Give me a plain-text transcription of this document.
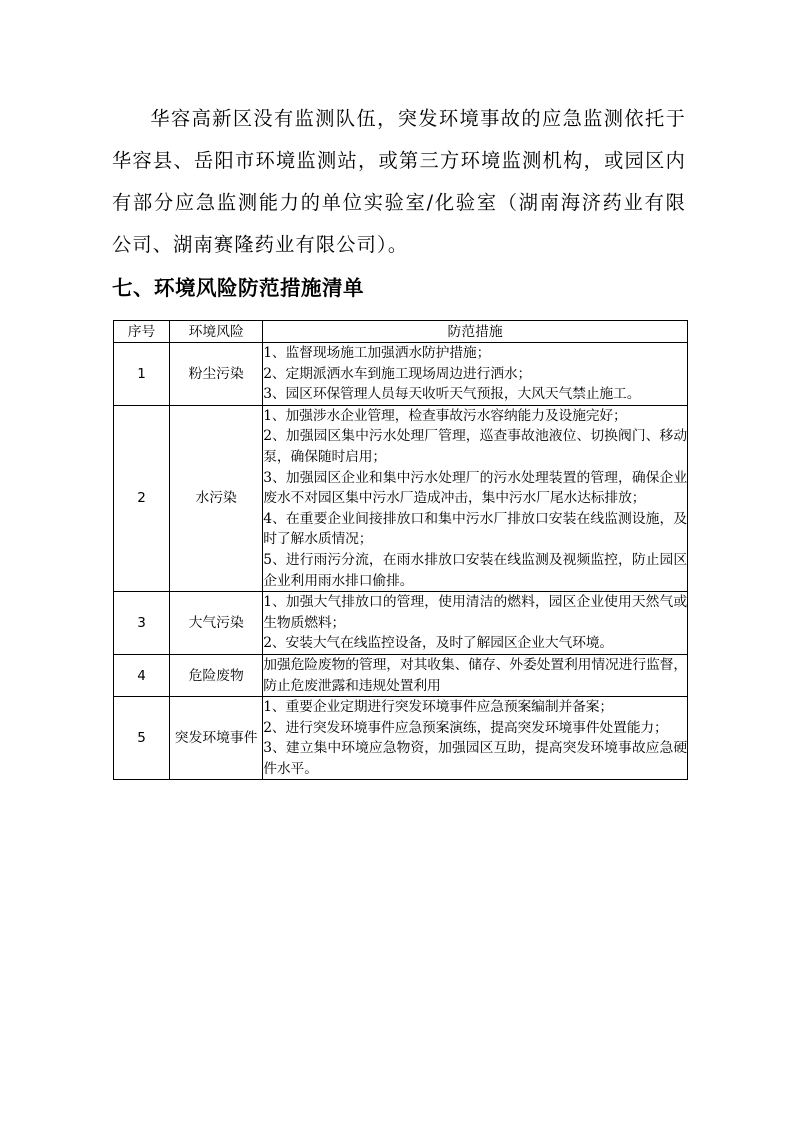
华容高新区没有监测队伍，突发环境事故的应急监测依托于华容县、岳阳市环境监测站，或第三方环境监测机构，或园区内有部分应急监测能力的单位实验室/化验室（湖南海济药业有限公司、湖南赛隆药业有限公司）。

七、环境风险防范措施清单
序号	环境风险	防范措施
1	粉尘污染	1、监督现场施工加强洒水防护措施；
2、定期派洒水车到施工现场周边进行洒水；
3、园区环保管理人员每天收听天气预报，大风天气禁止施工。

2	水污染	1、加强涉水企业管理，检查事故污水容纳能力及设施完好；
2、加强园区集中污水处理厂管理，巡查事故池液位、切换阀门、移动泵，确保随时启用；
3、加强园区企业和集中污水处理厂的污水处理装置的管理，确保企业废水不对园区集中污水厂造成冲击，集中污水厂尾水达标排放；
4、在重要企业间接排放口和集中污水厂排放口安装在线监测设施，及时了解水质情况；
5、进行雨污分流，在雨水排放口安装在线监测及视频监控，防止园区企业利用雨水排口偷排。

3	大气污染	1、加强大气排放口的管理，使用清洁的燃料，园区企业使用天然气或生物质燃料；
2、安装大气在线监控设备，及时了解园区企业大气环境。

4	危险废物	加强危险废物的管理，对其收集、储存、外委处置利用情况进行监督，防止危废泄露和违规处置利用

5	突发环境事件	1、重要企业定期进行突发环境事件应急预案编制并备案；
2、进行突发环境事件应急预案演练，提高突发环境事件处置能力；
3、建立集中环境应急物资，加强园区互助，提高突发环境事故应急硬件水平。
